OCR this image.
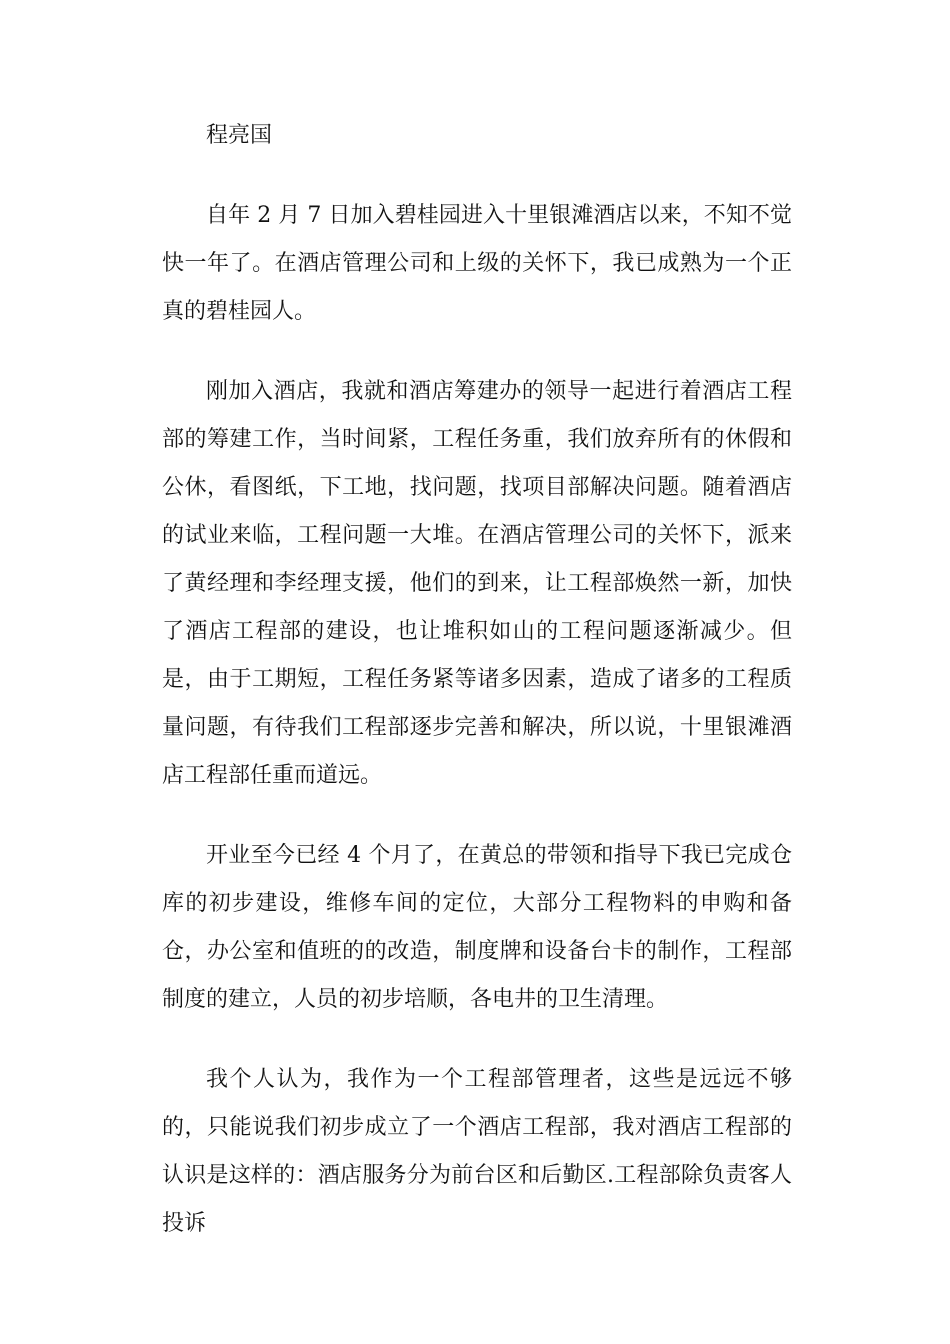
程亮国

自年 2 月 7 日加入碧桂园进入十里银滩酒店以来，不知不觉快一年了。在酒店管理公司和上级的关怀下，我已成熟为一个正真的碧桂园人。

刚加入酒店，我就和酒店筹建办的领导一起进行着酒店工程部的筹建工作，当时间紧，工程任务重，我们放弃所有的休假和公休，看图纸，下工地，找问题，找项目部解决问题。随着酒店的试业来临，工程问题一大堆。在酒店管理公司的关怀下，派来了黄经理和李经理支援，他们的到来，让工程部焕然一新，加快了酒店工程部的建设，也让堆积如山的工程问题逐渐减少。但是，由于工期短，工程任务紧等诸多因素，造成了诸多的工程质量问题，有待我们工程部逐步完善和解决，所以说，十里银滩酒店工程部任重而道远。

开业至今已经 4 个月了，在黄总的带领和指导下我已完成仓库的初步建设，维修车间的定位，大部分工程物料的申购和备仓，办公室和值班的的改造，制度牌和设备台卡的制作，工程部制度的建立，人员的初步培顺，各电井的卫生清理。

我个人认为，我作为一个工程部管理者，这些是远远不够的，只能说我们初步成立了一个酒店工程部，我对酒店工程部的认识是这样的：酒店服务分为前台区和后勤区.工程部除负责客人投诉
